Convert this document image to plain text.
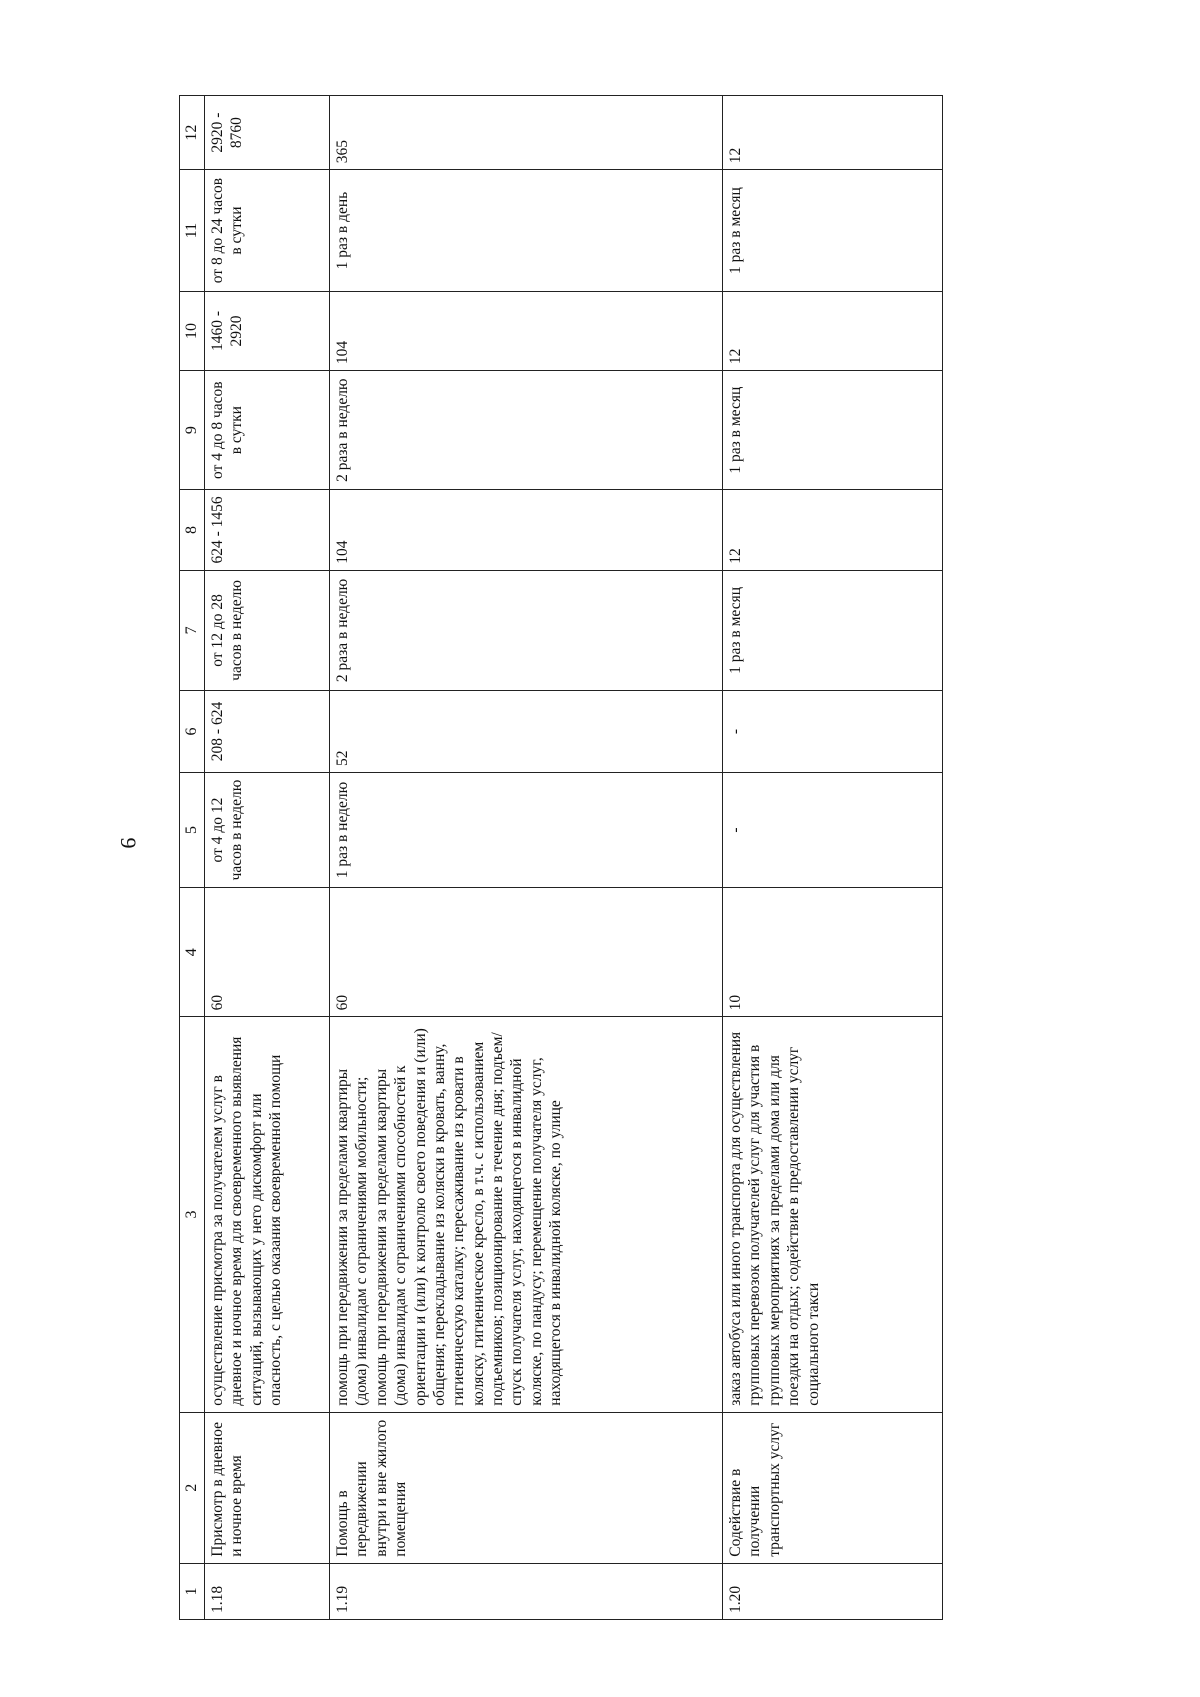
9
1	2	3	4	5	6	7	8	9	10	11	12
1.18	Присмотр в дневное и ночное время	осуществление присмотра за получателем услуг в дневное и ночное время для своевременного выявления ситуаций, вызывающих у него дискомфорт или опасность, с целью оказания своевременной помощи	60	от 4 до 12 часов в неделю	208 - 624	от 12 до 28 часов в неделю	624 - 1456	от 4 до 8 часов в сутки	1460 - 2920	от 8 до 24 часов в сутки	2920 - 8760
1.19	Помощь в передвижении внутри и вне жилого помещения	помощь при передвижении за пределами квартиры (дома) инвалидам с ограничениями мобильности; помощь при передвижении за пределами квартиры (дома) инвалидам с ограничениями способностей к ориентации и (или) к контролю своего поведения и (или) общения; перекладывание из коляски в кровать, ванну, гигиеническую каталку; пересаживание из кровати в коляску, гигиеническое кресло, в т.ч. с использованием подъемников; позиционирование в течение дня; подъем/спуск получателя услуг, находящегося в инвалидной коляске, по пандусу; перемещение получателя услуг, находящегося в инвалидной коляске, по улице	60	1 раз в неделю	52	2 раза в неделю	104	2 раза в неделю	104	1 раз в день	365
1.20	Содействие в получении транспортных услуг	заказ автобуса или иного транспорта для осуществления групповых перевозок получателей услуг для участия в групповых мероприятиях за пределами дома или для поездки на отдых; содействие в предоставлении услуг социального такси	10	-	-	1 раз в месяц	12	1 раз в месяц	12	1 раз в месяц	12
